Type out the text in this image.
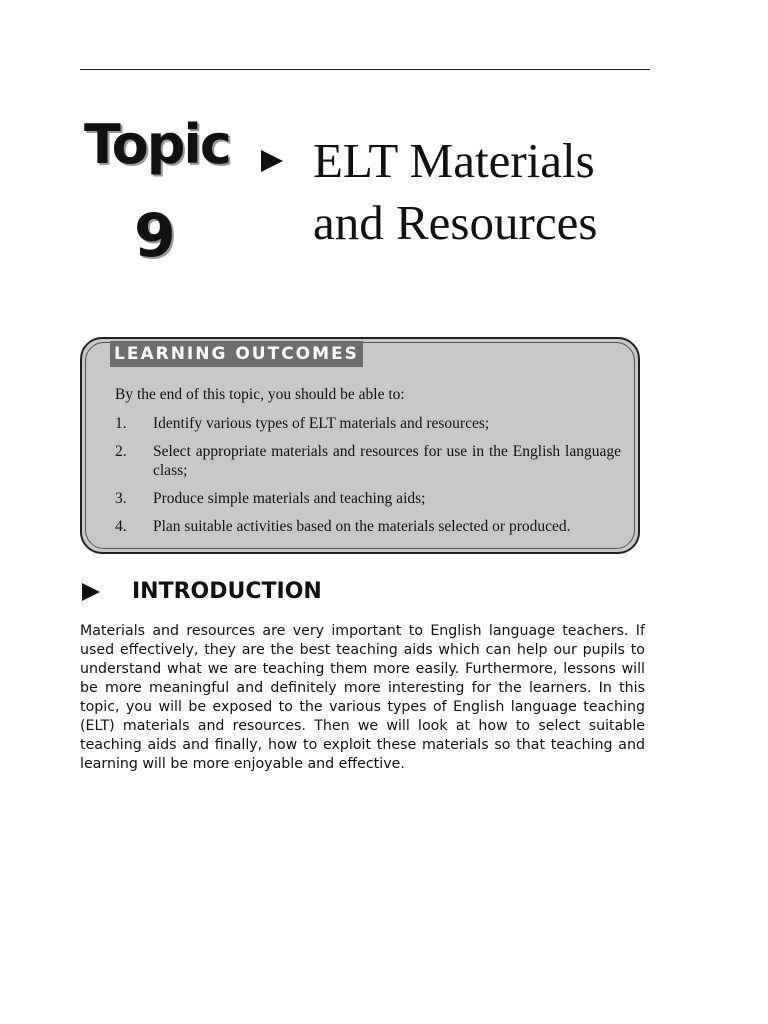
Topic
9
ELT Materials
and Resources
LEARNING OUTCOMES
By the end of this topic, you should be able to:
1.	Identify various types of ELT materials and resources;
2.	Select appropriate materials and resources for use in the English language class;
3.	Produce simple materials and teaching aids;
4.	Plan suitable activities based on the materials selected or produced.
INTRODUCTION

Materials and resources are very important to English language teachers. If used effectively, they are the best teaching aids which can help our pupils to understand what we are teaching them more easily. Furthermore, lessons will be more meaningful and definitely more interesting for the learners. In this topic, you will be exposed to the various types of English language teaching (ELT) materials and resources. Then we will look at how to select suitable teaching aids and finally, how to exploit these materials so that teaching and learning will be more enjoyable and effective.
